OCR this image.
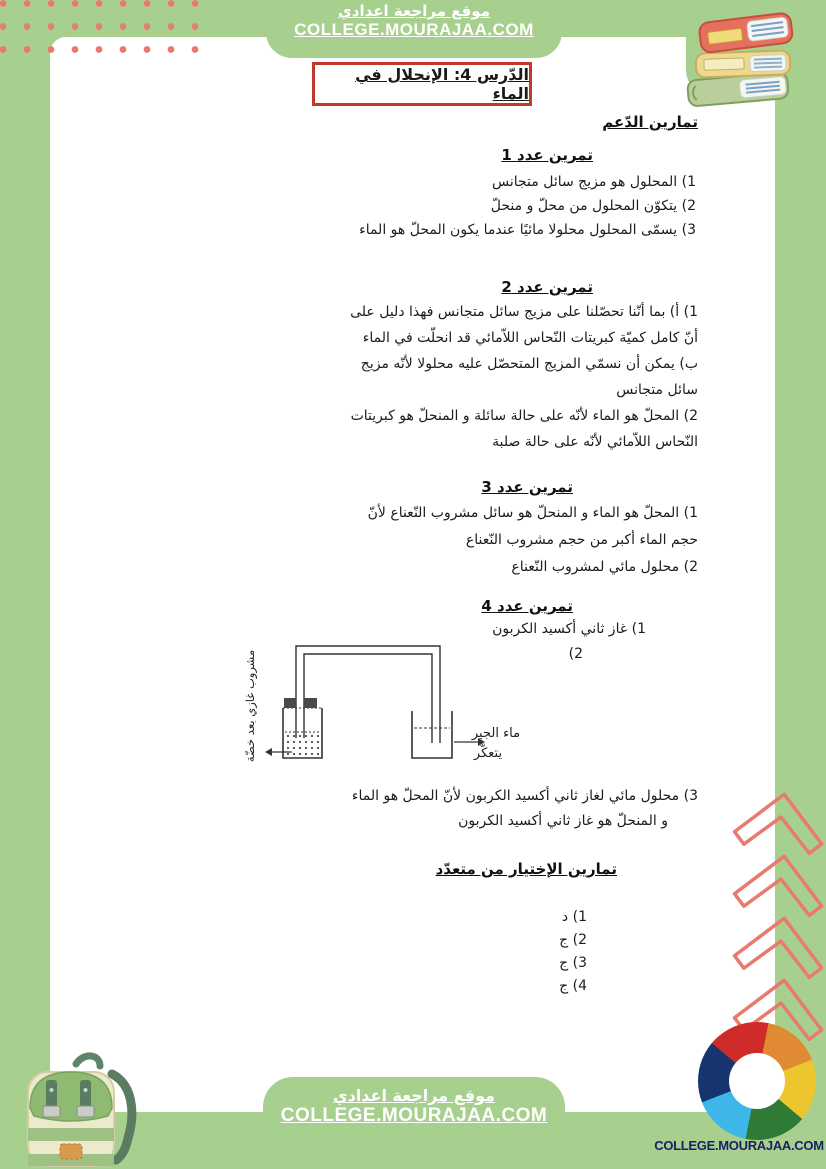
موقع مراجعة اعدادي
COLLEGE.MOURAJAA.COM
الدّرس 4: الإنحلال في الماء
تمارين الدّعم
تمرين عدد 1
1) المحلول هو مزيج سائل متجانس
2) يتكوّن المحلول من محلّ و منحلّ
3) يسمّى المحلول محلولا مائيًا عندما يكون المحلّ هو الماء
تمرين عدد 2
1) أ) بما أنّنا تحصّلنا على مزيج سائل متجانس فهذا دليل على
أنّ كامل كميّة كبريتات النّحاس اللاّمائي قد انحلّت في الماء
ب) يمكن أن نسمّي المزيج المتحصّل عليه محلولا لأنّه مزيج
سائل متجانس
2) المحلّ هو الماء لأنّه على حالة سائلة و المنحلّ هو كبريتات
النّحاس اللاّمائي لأنّه على حالة صلبة
تمرين عدد 3
1) المحلّ هو الماء و المنحلّ هو سائل مشروب النّعناع لأنّ
حجم الماء أكبر من حجم مشروب النّعناع
2) محلول مائي لمشروب النّعناع
تمرين عدد 4
1) غاز ثاني أكسيد الكربون
2)
مشروب غازي بعد خضّة	ماء الجير
يتعكّر
3) محلول مائي لغاز ثاني أكسيد الكربون لأنّ المحلّ هو الماء
و المنحلّ هو غاز ثاني أكسيد الكربون
تمارين الإختيار من متعدّد
1) د
2) ج
3) ج
4) ج
موقع مراجعة اعدادي
COLLEGE.MOURAJAA.COM
COLLEGE.MOURAJAA.COM
